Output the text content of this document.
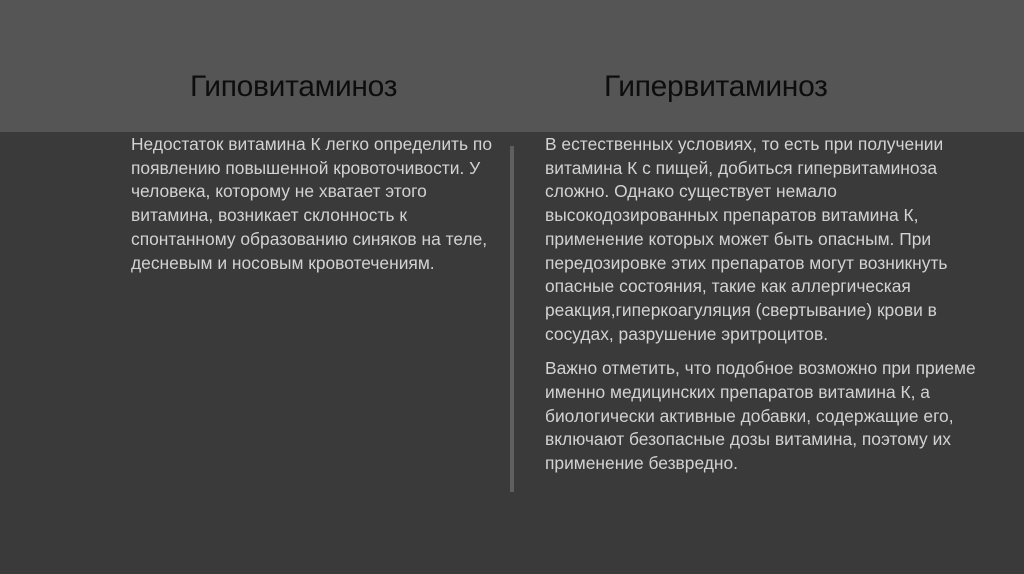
Гиповитаминоз	Гипервитаминоз

Недостаток витамина К легко определить по появлению повышенной кровоточивости. У человека, которому не хватает этого витамина, возникает склонность к спонтанному образованию синяков на теле, десневым и носовым кровотечениям.

В естественных условиях, то есть при получении витамина К с пищей, добиться гипервитаминоза сложно. Однако существует немало высокодозированных препаратов витамина К, применение которых может быть опасным. При передозировке этих препаратов могут возникнуть опасные состояния, такие как аллергическая реакция,гиперкоагуляция (свертывание) крови в сосудах, разрушение эритроцитов.

Важно отметить, что подобное возможно при приеме именно медицинских препаратов витамина К, а биологически активные добавки, содержащие его, включают безопасные дозы витамина, поэтому их применение безвредно.
